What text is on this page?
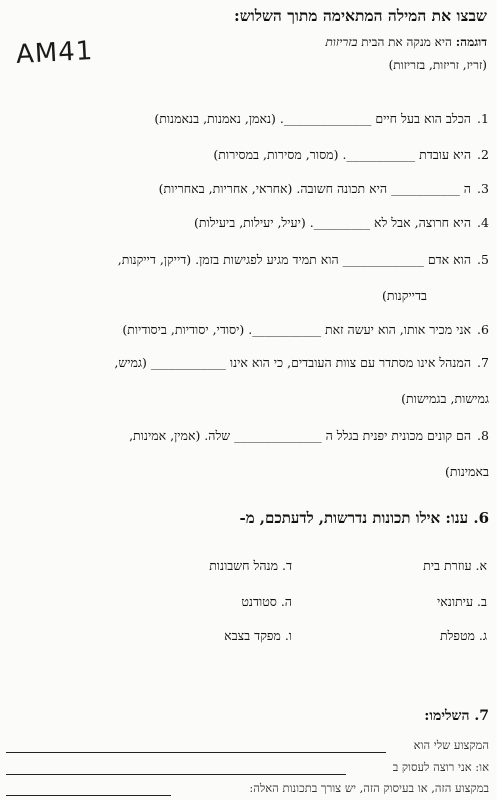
שבצו את המילה המתאימה מתוך השלוש:
AM41	דוגמה: היא מנקה את הבית בזריזות
(זריז, זריזות, בזריזות)
1. הכלב הוא בעל חיים ______________. (נאמן, נאמנות, בנאמנות)
2. היא עובדת ___________. (מסור, מסירות, במסירות)
3. ה ___________ היא תכונה חשובה. (אחראי, אחריות, באחריות)
4. היא חרוצה, אבל לא _________. (יעיל, יעילות, ביעילות)
5. הוא אדם _____________ הוא תמיד מגיע לפגישות בזמן. (דייקן, דייקנות,
בדייקנות)
6. אני מכיר אותו, הוא יעשה זאת ___________. (יסודי, יסודיות, ביסודיות)
7. המנהל אינו מסתדר עם צוות העובדים, כי הוא אינו ____________ (גמיש,
גמישות, בגמישות)
8. הם קונים מכונית יפנית בגלל ה ______________ שלה. (אמין, אמינות,
באמינות)
6. ענו: אילו תכונות נדרשות, לדעתכם, מ-
א. עוזרת בית
ד. מנהל חשבונות
ב. עיתונאי
ה. סטודנט
ג. מטפלת
ו. מפקד בצבא
7. השלימו:
המקצוע שלי הוא
או: אני רוצה לעסוק ב
במקצוע הזה, או בעיסוק הזה, יש צורך בתכונות האלה:
